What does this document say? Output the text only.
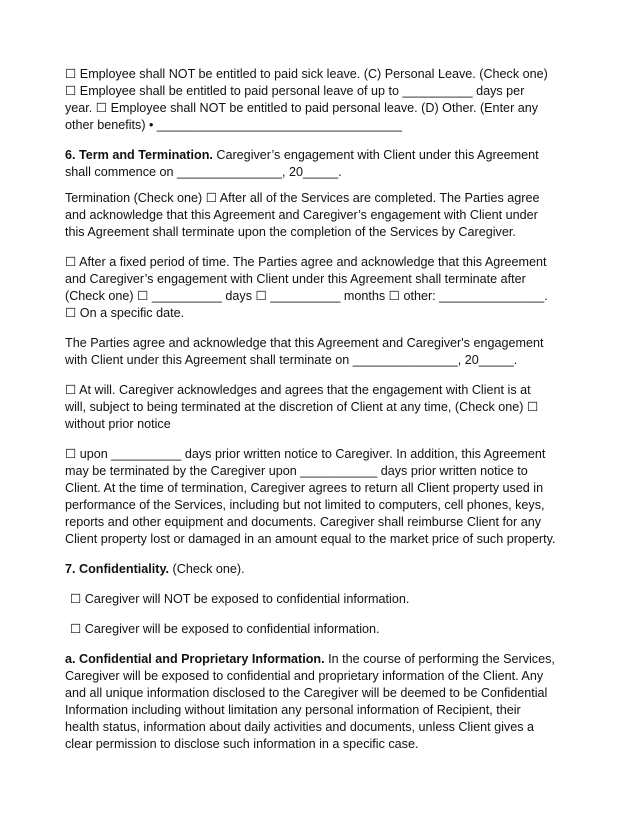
☐ Employee shall NOT be entitled to paid sick leave. (C) Personal Leave. (Check one)
☐ Employee shall be entitled to paid personal leave of up to __________ days per
year. ☐ Employee shall NOT be entitled to paid personal leave. (D) Other. (Enter any
other benefits) • ___________________________________

6. Term and Termination. Caregiver’s engagement with Client under this Agreement
shall commence on _______________, 20_____.

Termination (Check one) ☐ After all of the Services are completed. The Parties agree
and acknowledge that this Agreement and Caregiver’s engagement with Client under
this Agreement shall terminate upon the completion of the Services by Caregiver.

☐ After a fixed period of time. The Parties agree and acknowledge that this Agreement
and Caregiver’s engagement with Client under this Agreement shall terminate after
(Check one) ☐ __________ days ☐ __________ months ☐ other: _______________.
☐ On a specific date.

The Parties agree and acknowledge that this Agreement and Caregiver's engagement
with Client under this Agreement shall terminate on _______________, 20_____.

☐ At will. Caregiver acknowledges and agrees that the engagement with Client is at
will, subject to being terminated at the discretion of Client at any time, (Check one) ☐
without prior notice

☐ upon __________ days prior written notice to Caregiver. In addition, this Agreement
may be terminated by the Caregiver upon ___________ days prior written notice to
Client. At the time of termination, Caregiver agrees to return all Client property used in
performance of the Services, including but not limited to computers, cell phones, keys,
reports and other equipment and documents. Caregiver shall reimburse Client for any
Client property lost or damaged in an amount equal to the market price of such property.

7. Confidentiality. (Check one).

☐ Caregiver will NOT be exposed to confidential information.

☐ Caregiver will be exposed to confidential information.

a. Confidential and Proprietary Information. In the course of performing the Services,
Caregiver will be exposed to confidential and proprietary information of the Client. Any
and all unique information disclosed to the Caregiver will be deemed to be Confidential
Information including without limitation any personal information of Recipient, their
health status, information about daily activities and documents, unless Client gives a
clear permission to disclose such information in a specific case.
